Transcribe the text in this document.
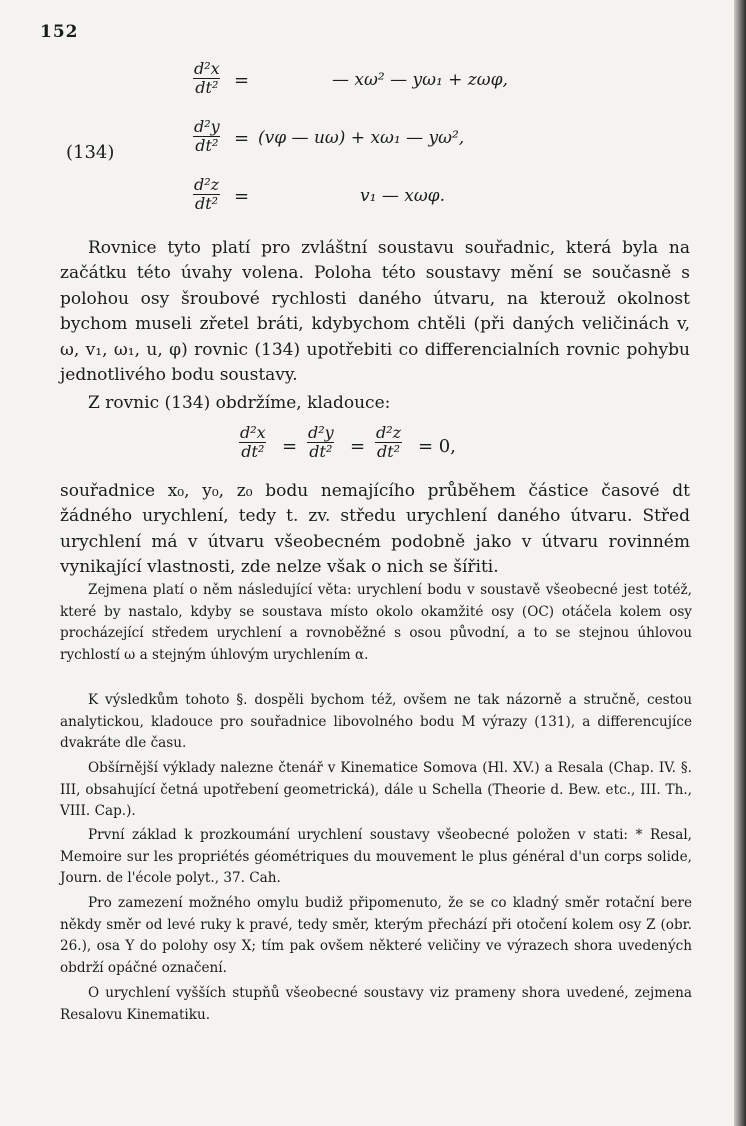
152
(134)
$\frac{\text{d²x}}{\text{dt²}}$ =	— xω² — yω₁ + zωφ,
$\frac{\text{d²y}}{\text{dt²}} = (v\varphi$ — uω) + xω₁ — yω²,
$\frac{\text{d²z}}{\text{dt²}}$ =	v₁ — xωφ.

Rovnice tyto platí pro zvláštní soustavu souřadnic, která byla na začátku této úvahy volena. Poloha této soustavy mění se současně s polohou osy šroubové rychlosti daného útvaru, na kterouž okolnost bychom museli zřetel bráti, kdybychom chtěli (při daných veličinách v, ω, v₁, ω₁, u, φ) rovnic (134) upotřebiti co differencialních rovnic pohybu jednotlivého bodu soustavy.

Z rovnic (134) obdržíme, kladouce:

$\frac{\text{d²x}}{\text{dt²}} = \frac{\text{d²y}}{\text{dt²}} = \frac{\text{d²z}}{\text{dt²}} = 0$,

souřadnice x₀, y₀, z₀ bodu nemajícího průběhem částice časové dt žádného urychlení, tedy t. zv. středu urychlení daného útvaru. Střed urychlení má v útvaru všeobecném podobně jako v útvaru rovinném vynikající vlastnosti, zde nelze však o nich se šířiti.

Zejmena platí o něm následující věta: urychlení bodu v soustavě všeobecné jest totéž, které by nastalo, kdyby se soustava místo okolo okamžité osy (OC) otáčela kolem osy procházející středem urychlení a rovnoběžné s osou původní, a to se stejnou úhlovou rychlostí ω a stejným úhlovým urychlením α.

K výsledkům tohoto §. dospěli bychom též, ovšem ne tak názorně a stručně, cestou analytickou, kladouce pro souřadnice libovolného bodu M výrazy (131), a differencujíce dvakráte dle času.

Obšírnější výklady nalezne čtenář v Kinematice Somova (Hl. XV.) a Resala (Chap. IV. §. III, obsahující četná upotřebení geometrická), dále u Schella (Theorie d. Bew. etc., III. Th., VIII. Cap.).

První základ k prozkoumání urychlení soustavy všeobecné položen v stati: * Resal, Memoire sur les propriétés géométriques du mouvement le plus général d'un corps solide, Journ. de l'école polyt., 37. Cah.

Pro zamezení možného omylu budiž připomenuto, že se co kladný směr rotační bere někdy směr od levé ruky k pravé, tedy směr, kterým přechází při otočení kolem osy Z (obr. 26.), osa Y do polohy osy X; tím pak ovšem některé veličiny ve výrazech shora uvedených obdrží opáčné označení.

O urychlení vyšších stupňů všeobecné soustavy viz prameny shora uvedené, zejmena Resalovu Kinematiku.
